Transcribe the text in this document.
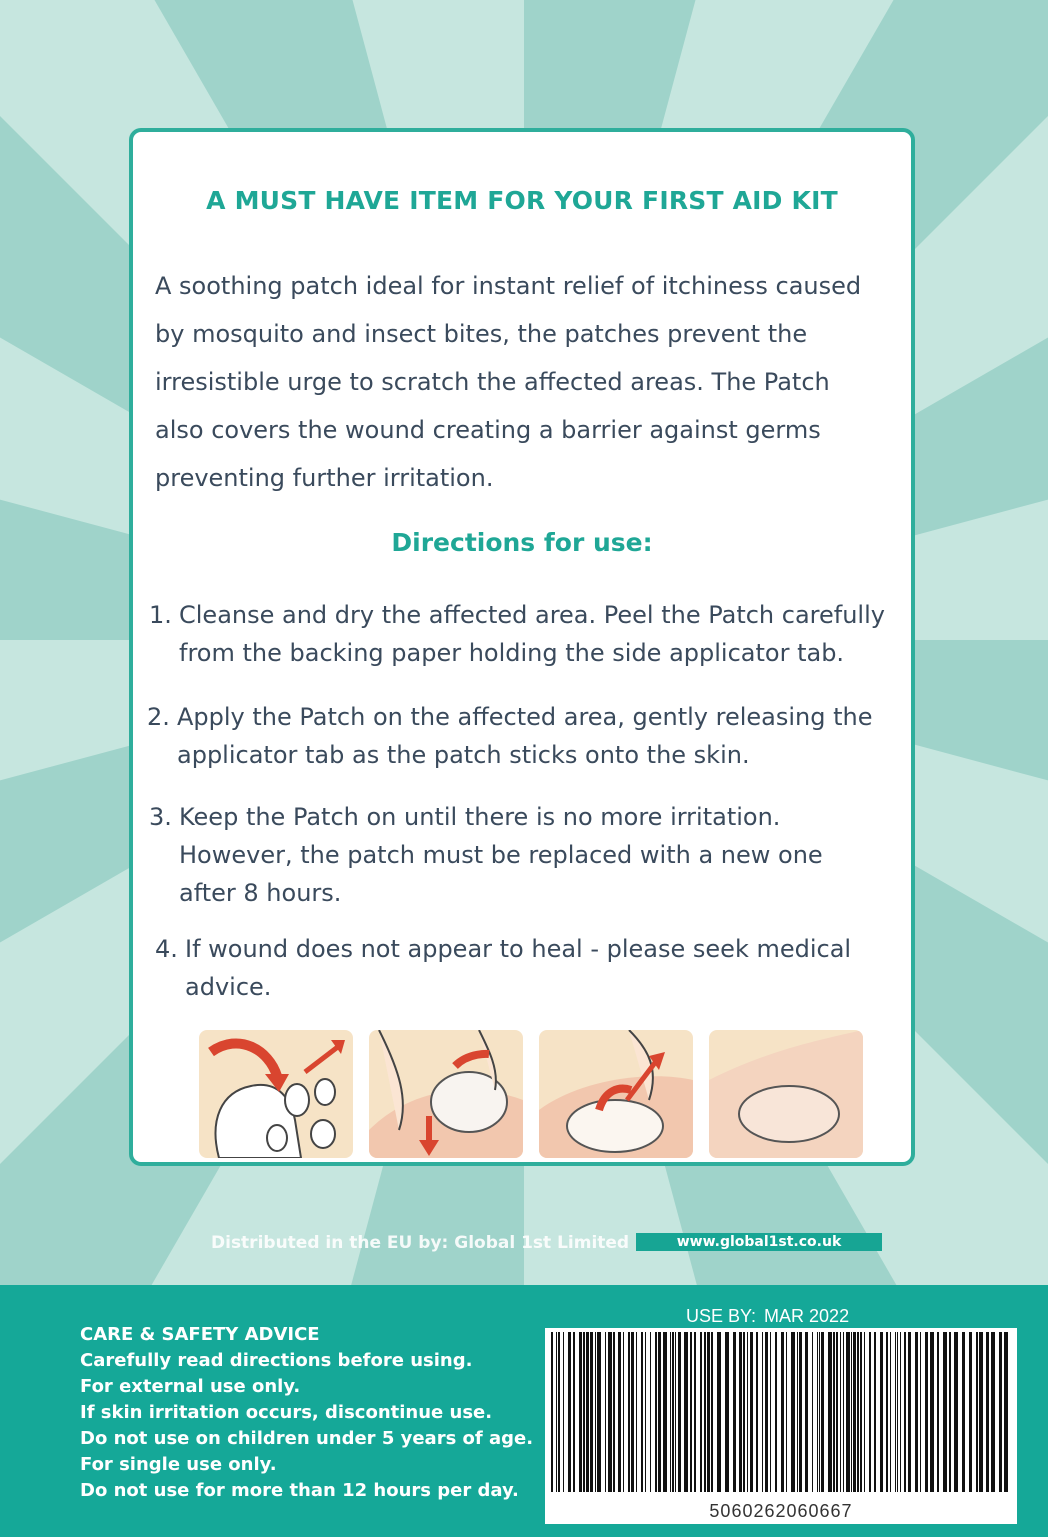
A MUST HAVE ITEM FOR YOUR FIRST AID KIT
A soothing patch ideal for instant relief of itchiness caused
by mosquito and insect bites, the patches prevent the
irresistible urge to scratch the affected areas. The Patch
also covers the wound creating a barrier against germs
preventing further irritation.
Directions for use:
1. Cleanse and dry the affected area. Peel the Patch carefully
from the backing paper holding the side applicator tab.
2. Apply the Patch on the affected area, gently releasing the
applicator tab as the patch sticks onto the skin.
3. Keep the Patch on until there is no more irritation.
However, the patch must be replaced with a new one
after 8 hours.
4. If wound does not appear to heal - please seek medical
advice.
Distributed in the EU by: Global 1st Limited	www.global1st.co.uk
CARE & SAFETY ADVICE
Carefully read directions before using.
For external use only.
If skin irritation occurs, discontinue use.
Do not use on children under 5 years of age.
For single use only.
Do not use for more than 12 hours per day.
USE BY: MAR 2022
5060262060667
